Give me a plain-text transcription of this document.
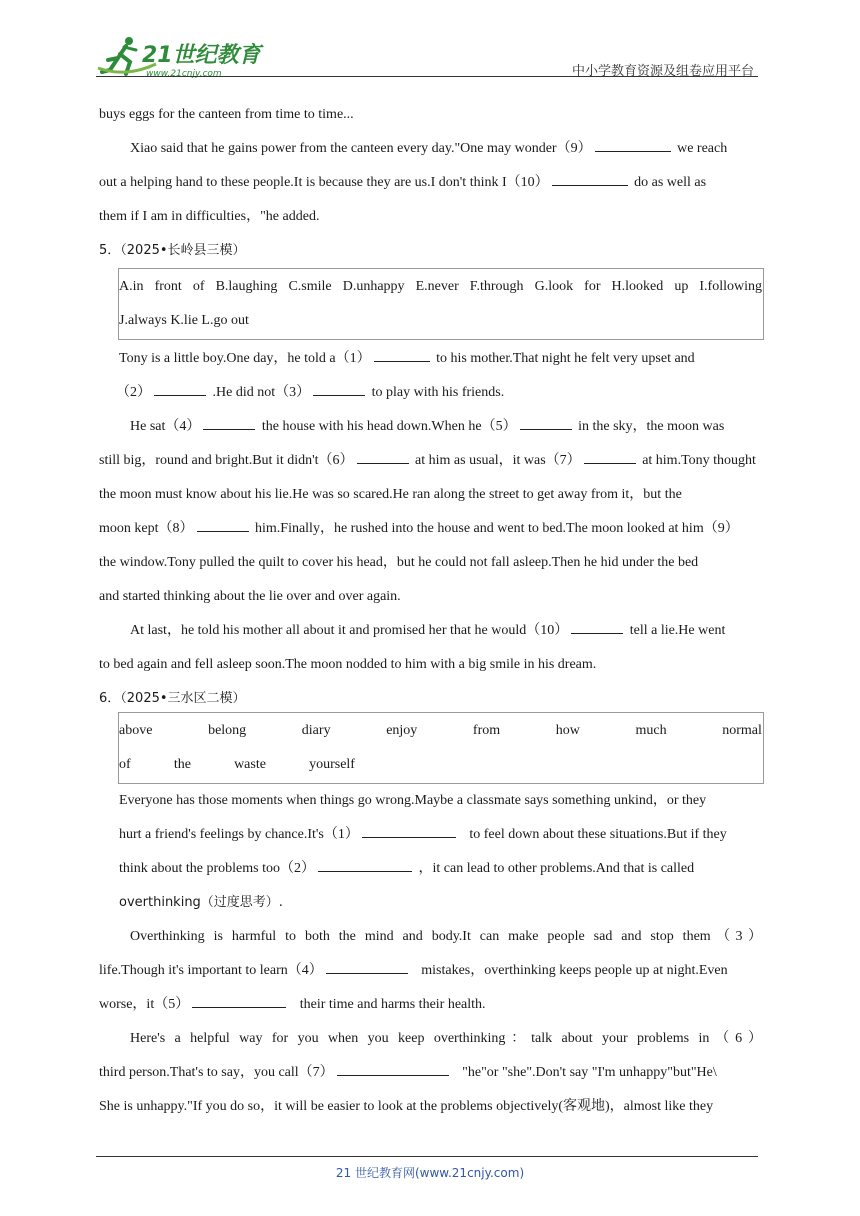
21世纪教育
www.21cnjy.com	中小学教育资源及组卷应用平台
buys eggs for the canteen from time to time...
Xiao said that he gains power from the canteen every day."One may wonder（9）	we reach
out a helping hand to these people.It is because they are us.I don't think I（10）	do as well as
them if I am in difficulties，"he added.
5．（2025•长岭县三模）
A.in front of B.laughing C.smile D.unhappy E.never F.through G.look for H.looked up I.following
J.always K.lie L.go out
Tony is a little boy.One day，he told a（1）	to his mother.That night he felt very upset and
（2）	.He did not（3）	to play with his friends.
He sat（4）	the house with his head down.When he（5）	in the sky，the moon was
still big，round and bright.But it didn't（6）	at him as usual，it was（7）	at him.Tony thought
the moon must know about his lie.He was so scared.He ran along the street to get away from it，but the
moon kept（8）	him.Finally，he rushed into the house and went to bed.The moon looked at him（9）
the window.Tony pulled the quilt to cover his head，but he could not fall asleep.Then he hid under the bed
and started thinking about the lie over and over again.
At last，he told his mother all about it and promised her that he would（10）	tell a lie.He went
to bed again and fell asleep soon.The moon nodded to him with a big smile in his dream.
6．（2025•三水区二模）
above	belong	diary	enjoy	from	how	much	normal
of	the	waste	yourself
Everyone has those moments when things go wrong.Maybe a classmate says something unkind，or they
hurt a friend's feelings by chance.It's（1）	to feel down about these situations.But if they
think about the problems too（2）	，it can lead to other problems.And that is called
overthinking（过度思考）.
Overthinking is harmful to both the mind and body.It can make people sad and stop them（3）
life.Though it's important to learn（4）	mistakes，overthinking keeps people up at night.Even
worse，it（5）	their time and harms their health.
Here's a helpful way for you when you keep overthinking：talk about your problems in（6）
third person.That's to say，you call（7）	"he"or "she".Don't say "I'm unhappy"but"He\
She is unhappy."If you do so，it will be easier to look at the problems objectively(客观地)，almost like they
21 世纪教育网(www.21cnjy.com)
